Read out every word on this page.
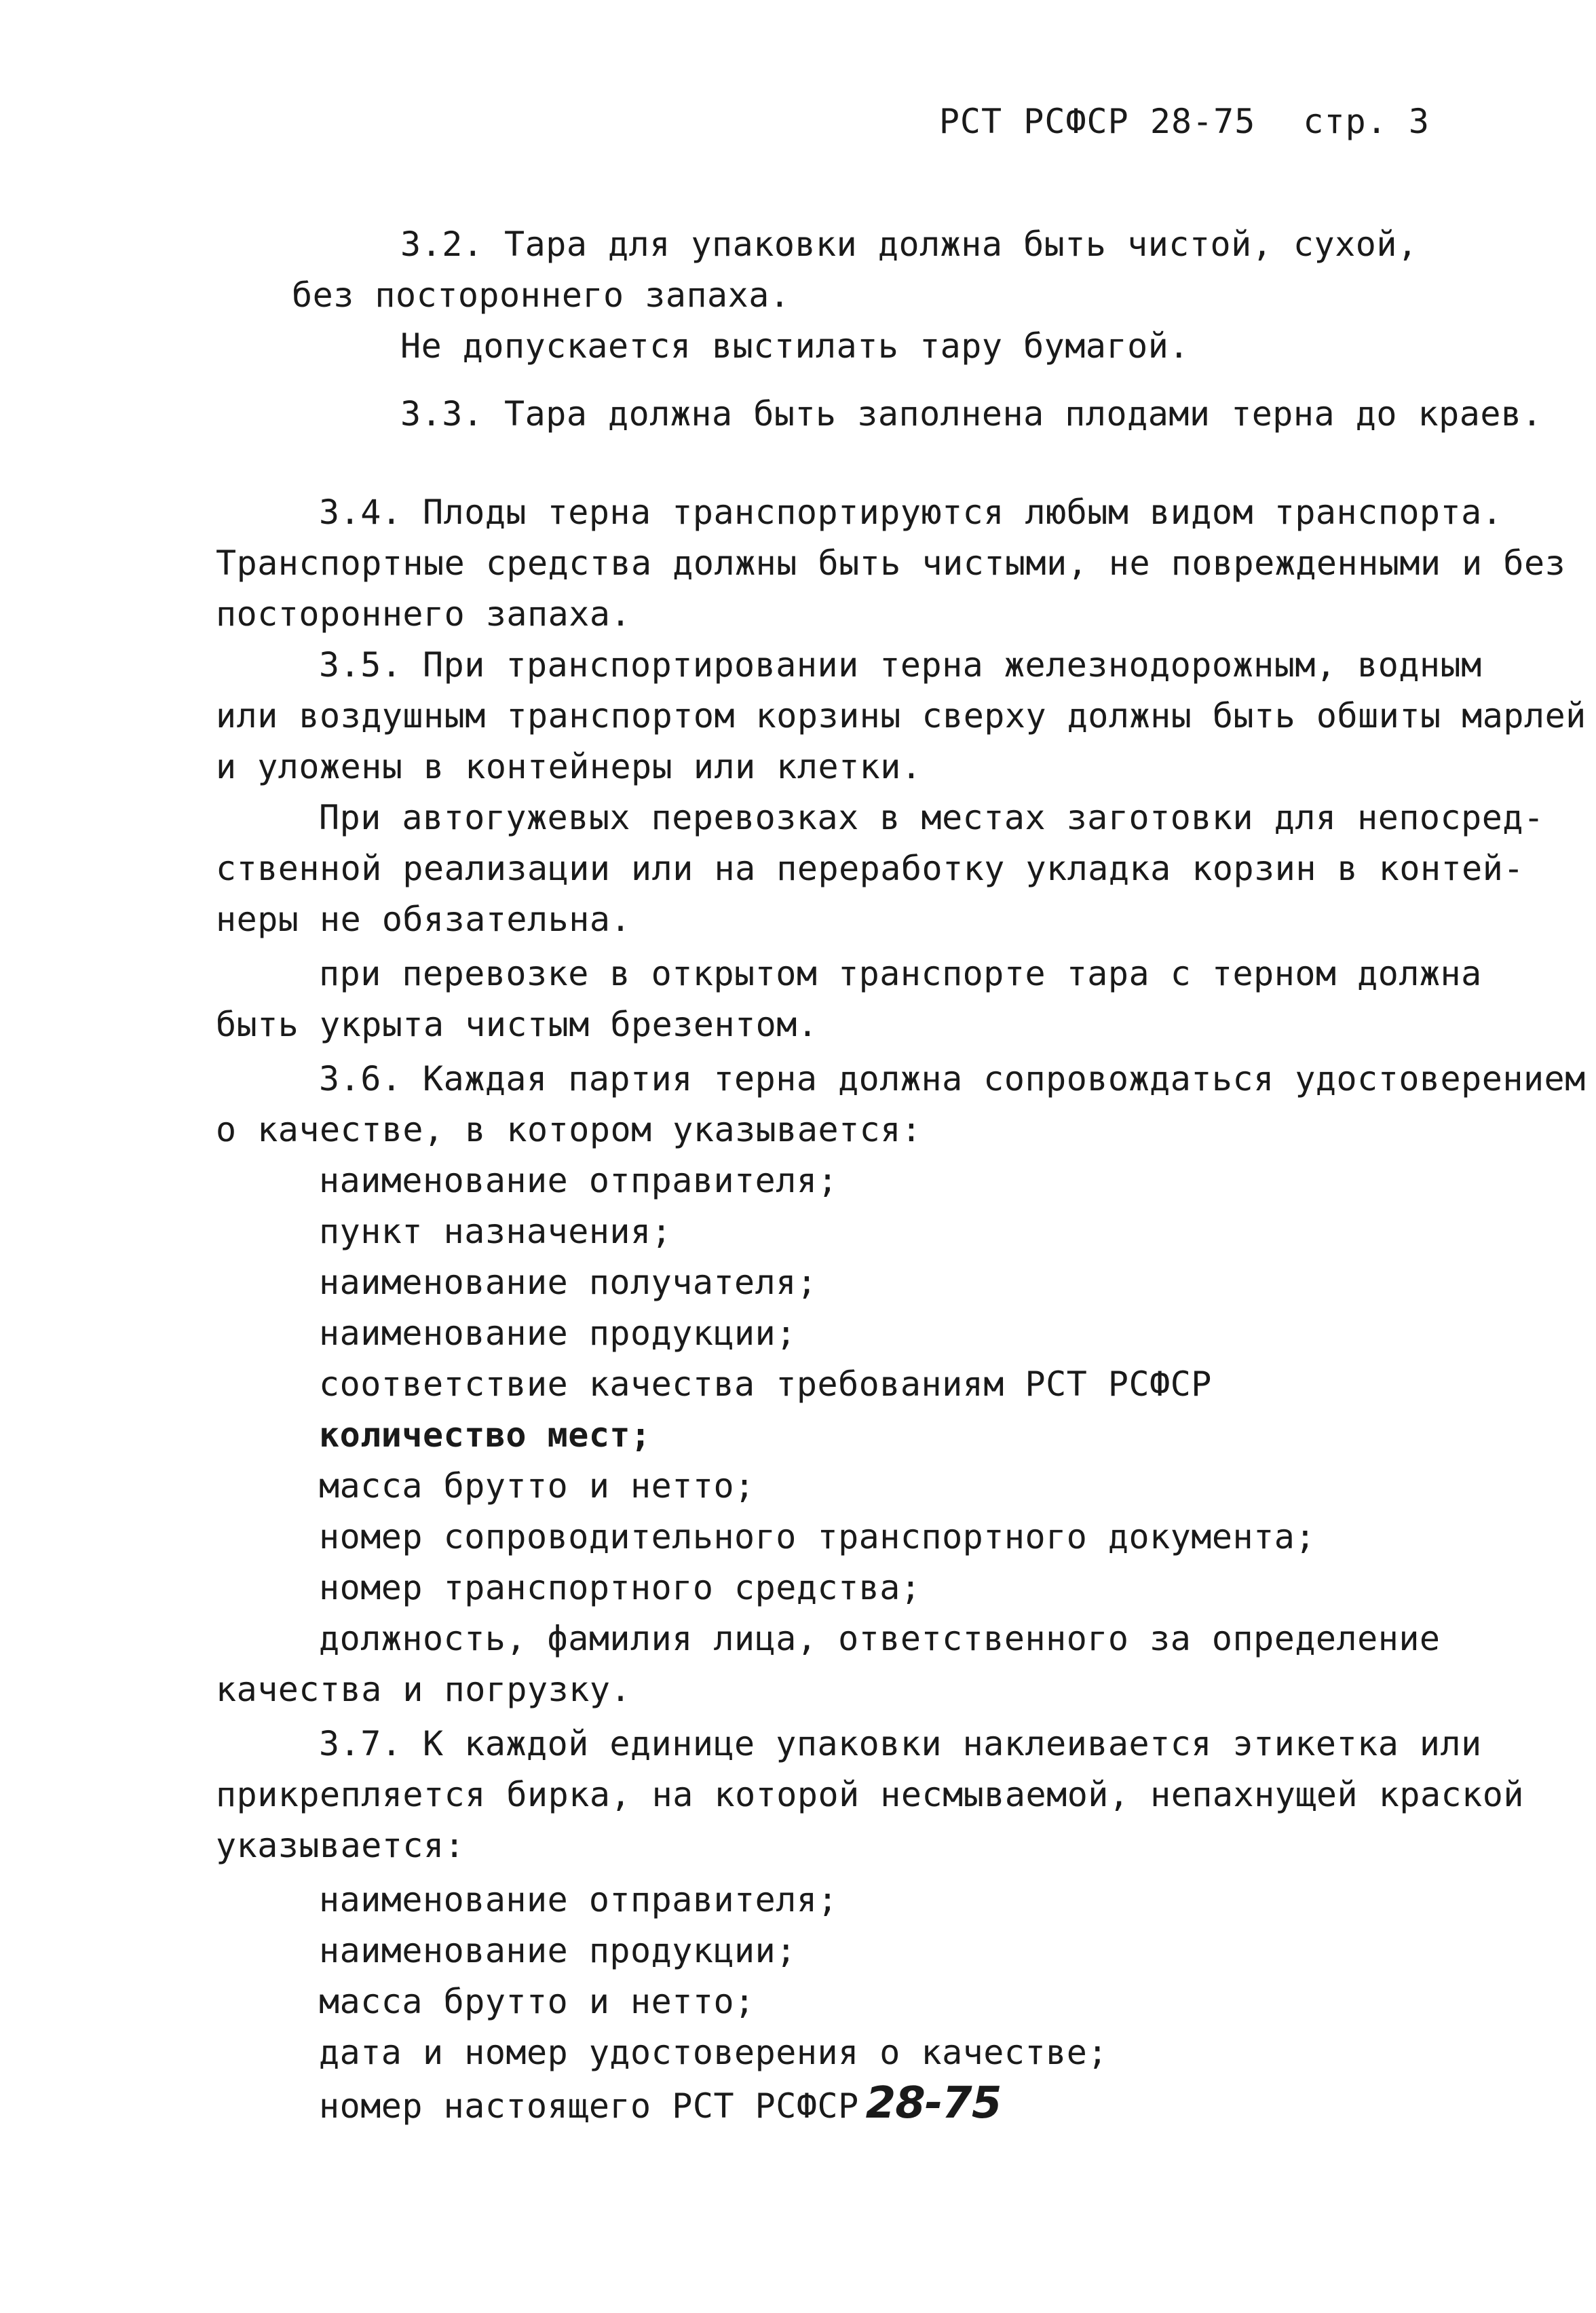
РСТ РСФСР 28-75 стр. 3
3.2. Тара для упаковки должна быть чистой, сухой,
без постороннего запаха.
Не допускается выстилать тару бумагой.
3.3. Тара должна быть заполнена плодами терна до краев.
3.4. Плоды терна транспортируются любым видом транспорта.
Транспортные средства должны быть чистыми, не поврежденными и без
постороннего запаха.
3.5. При транспортировании терна железнодорожным, водным
или воздушным транспортом корзины сверху должны быть обшиты марлей
и уложены в контейнеры или клетки.
При автогужевых перевозках в местах заготовки для непосред-
ственной реализации или на переработку укладка корзин в контей-
неры не обязательна.
при перевозке в открытом транспорте тара с терном должна
быть укрыта чистым брезентом.
3.6. Каждая партия терна должна сопровождаться удостоверением
о качестве, в котором указывается:
наименование отправителя;
пункт назначения;
наименование получателя;
наименование продукции;
соответствие качества требованиям РСТ РСФСР
количество мест;
масса брутто и нетто;
номер сопроводительного транспортного документа;
номер транспортного средства;
должность, фамилия лица, ответственного за определение
качества и погрузку.
3.7. К каждой единице упаковки наклеивается этикетка или
прикрепляется бирка, на которой несмываемой, непахнущей краской
указывается:
наименование отправителя;
наименование продукции;
масса брутто и нетто;
дата и номер удостоверения о качестве;
номер настоящего РСТ РСФСР 28-75
